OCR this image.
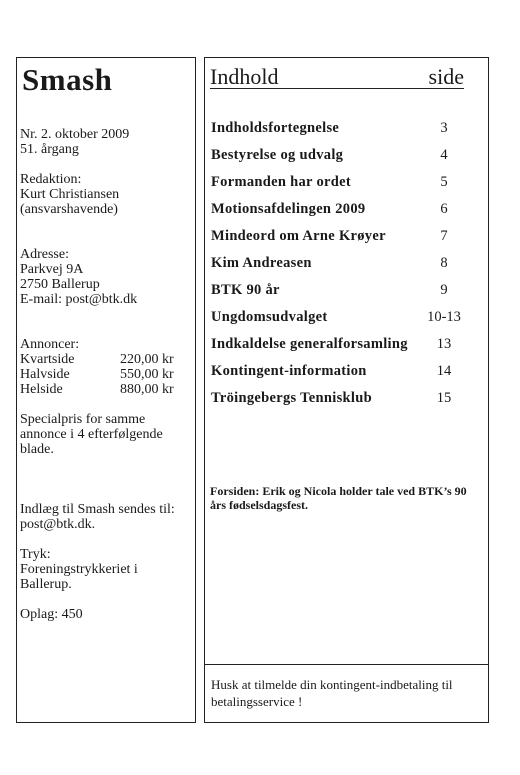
Smash
Nr. 2. oktober 2009
51. årgang
Redaktion:
Kurt Christiansen
(ansvarshavende)
Adresse:
Parkvej 9A
2750 Ballerup
E-mail: post@btk.dk
Annoncer:
Kvartside	220,00 kr
Halvside	550,00 kr
Helside	880,00 kr
Specialpris for samme
annonce i 4 efterfølgende
blade.
Indlæg til Smash sendes til:
post@btk.dk.
Tryk:
Foreningstrykkeriet i
Ballerup.
Oplag: 450
Indhold	side
Indholdsfortegnelse	3
Bestyrelse og udvalg	4
Formanden har ordet	5
Motionsafdelingen 2009	6
Mindeord om Arne Krøyer	7
Kim Andreasen	8
BTK 90 år	9
Ungdomsudvalget	10-13
Indkaldelse generalforsamling	13
Kontingent-information	14
Tröingebergs Tennisklub	15
Forsiden: Erik og Nicola holder tale ved BTK’s 90 års fødselsdagsfest.
Husk at tilmelde din kontingent-indbetaling til betalingsservice !
